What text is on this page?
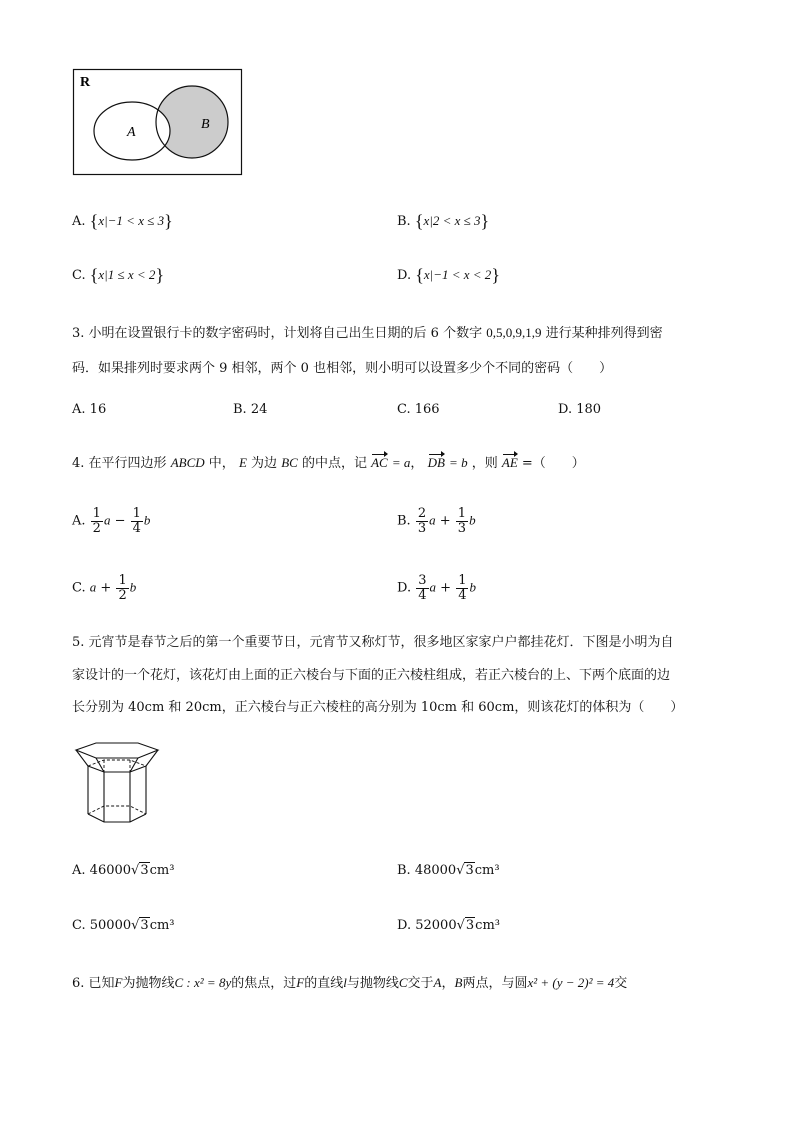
R
A
B
A. {x|−1 < x ≤ 3}	B. {x|2 < x ≤ 3}
C. {x|1 ≤ x < 2}	D. {x|−1 < x < 2}
3. 小明在设置银行卡的数字密码时，计划将自己出生日期的后 6 个数字 0,5,0,9,1,9 进行某种排列得到密
码．如果排列时要求两个 9 相邻，两个 0 也相邻，则小明可以设置多少个不同的密码（　　）
A. 16	B. 24	C. 166	D. 180
4. 在平行四边形 ABCD 中， E 为边 BC 的中点，记 AC = a， DB = b ，则 AE =（　　）
A. $\frac{1}{2}$ $a - \frac{1}{4}$ b	B. $\frac{2}{3}$ $a + \frac{1}{3}$ b
C. $a + \frac{1}{2}$ b	D. $\frac{3}{4}$ $a + \frac{1}{4}$ b
5. 元宵节是春节之后的第一个重要节日，元宵节又称灯节，很多地区家家户户都挂花灯．下图是小明为自
家设计的一个花灯，该花灯由上面的正六棱台与下面的正六棱柱组成，若正六棱台的上、下两个底面的边
长分别为 40cm 和 20cm，正六棱台与正六棱柱的高分别为 10cm 和 60cm，则该花灯的体积为（　　）
A. 46000√3cm³	B. 48000√3cm³
C. 50000√3cm³	D. 52000√3cm³
6. 已知F为抛物线C : x² = 8y的焦点，过F的直线l与抛物线C交于A，B两点，与圆x² + (y − 2)² = 4交
